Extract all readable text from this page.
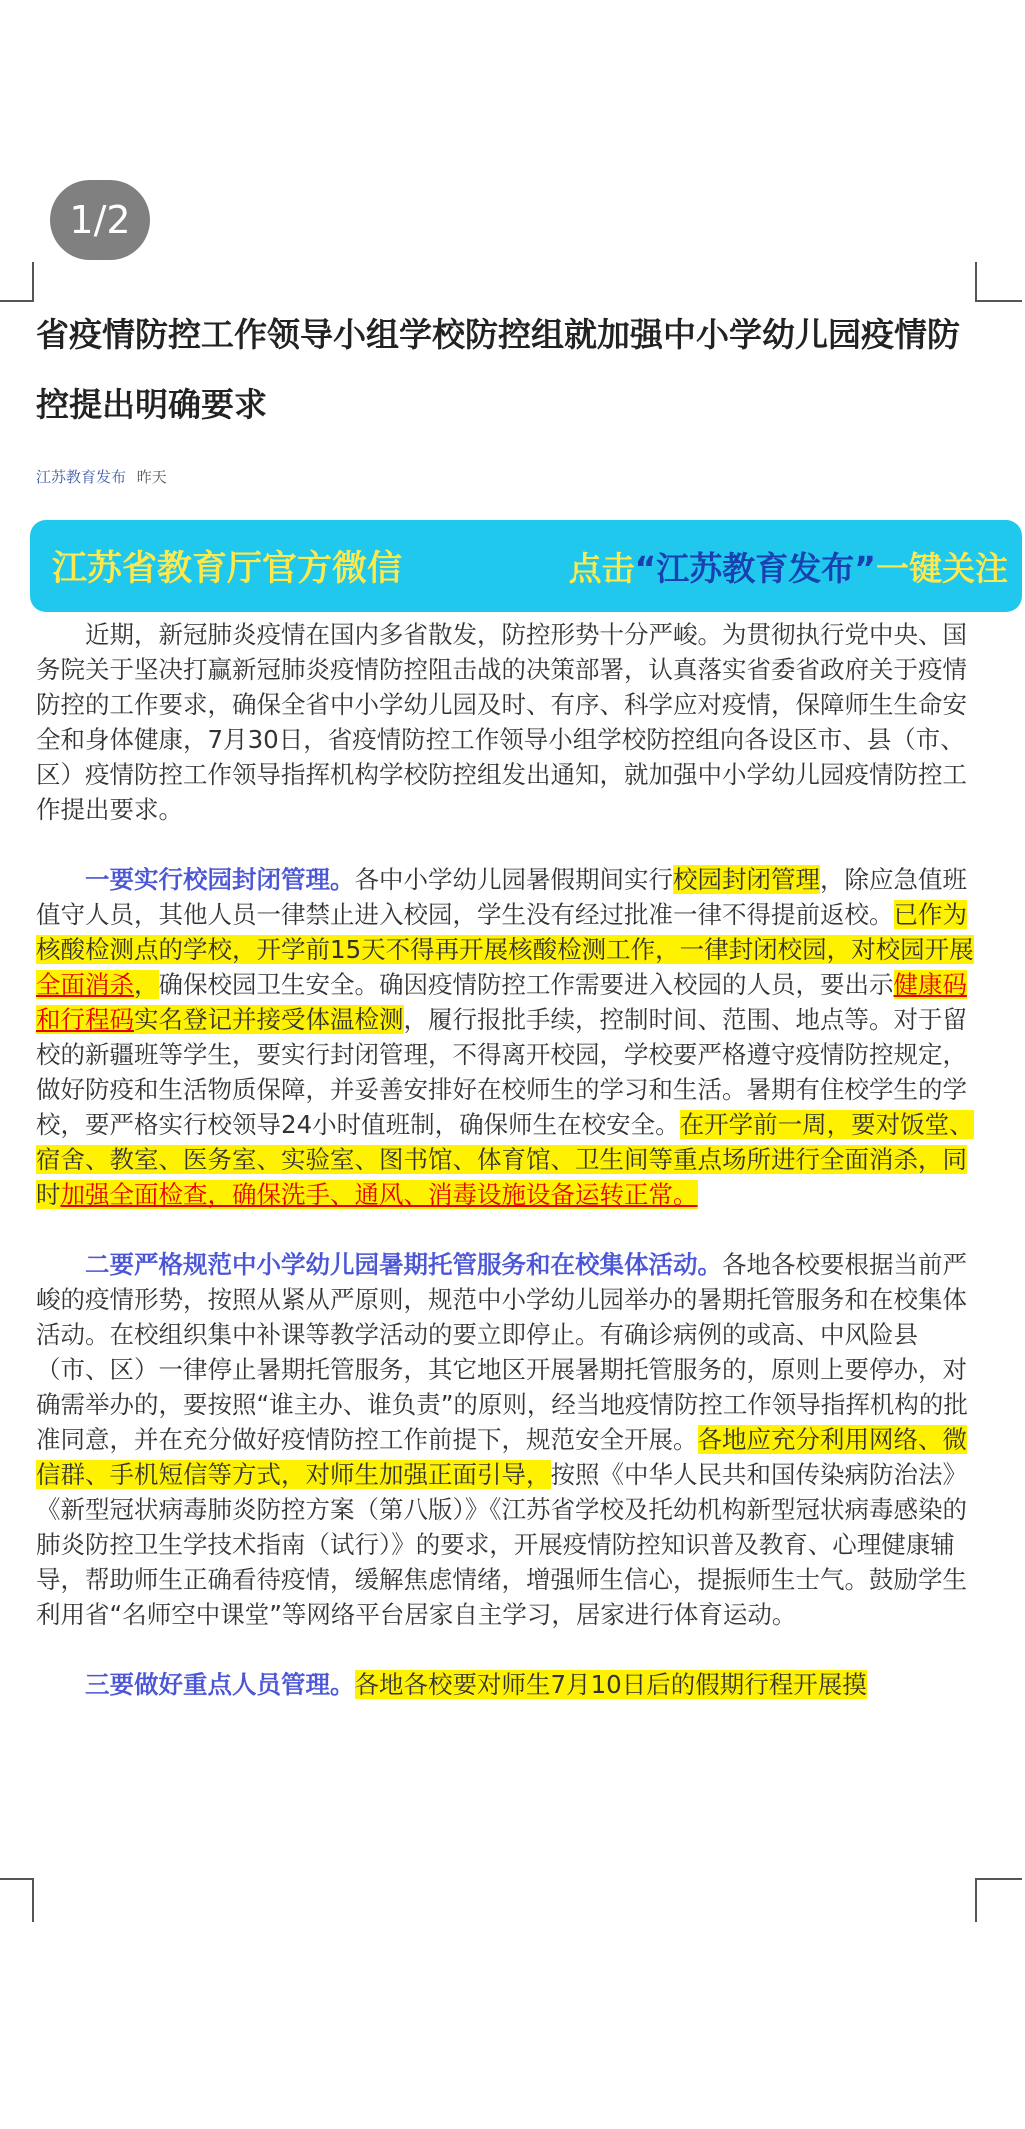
1/2
省疫情防控工作领导小组学校防控组就加强中小学幼儿园疫情防控提出明确要求
江苏教育发布 昨天
江苏省教育厅官方微信	点击“江苏教育发布”一键关注

近期，新冠肺炎疫情在国内多省散发，防控形势十分严峻。为贯彻执行党中央、国务院关于坚决打赢新冠肺炎疫情防控阻击战的决策部署，认真落实省委省政府关于疫情防控的工作要求，确保全省中小学幼儿园及时、有序、科学应对疫情，保障师生生命安全和身体健康，7月30日，省疫情防控工作领导小组学校防控组向各设区市、县（市、区）疫情防控工作领导指挥机构学校防控组发出通知，就加强中小学幼儿园疫情防控工作提出要求。

一要实行校园封闭管理。各中小学幼儿园暑假期间实行校园封闭管理，除应急值班值守人员，其他人员一律禁止进入校园，学生没有经过批准一律不得提前返校。已作为核酸检测点的学校，开学前15天不得再开展核酸检测工作，一律封闭校园，对校园开展全面消杀，确保校园卫生安全。确因疫情防控工作需要进入校园的人员，要出示健康码和行程码实名登记并接受体温检测，履行报批手续，控制时间、范围、地点等。对于留校的新疆班等学生，要实行封闭管理，不得离开校园，学校要严格遵守疫情防控规定，做好防疫和生活物质保障，并妥善安排好在校师生的学习和生活。暑期有住校学生的学校，要严格实行校领导24小时值班制，确保师生在校安全。在开学前一周，要对饭堂、宿舍、教室、医务室、实验室、图书馆、体育馆、卫生间等重点场所进行全面消杀，同时加强全面检查，确保洗手、通风、消毒设施设备运转正常。

二要严格规范中小学幼儿园暑期托管服务和在校集体活动。各地各校要根据当前严峻的疫情形势，按照从紧从严原则，规范中小学幼儿园举办的暑期托管服务和在校集体活动。在校组织集中补课等教学活动的要立即停止。有确诊病例的或高、中风险县（市、区）一律停止暑期托管服务，其它地区开展暑期托管服务的，原则上要停办，对确需举办的，要按照“谁主办、谁负责”的原则，经当地疫情防控工作领导指挥机构的批准同意，并在充分做好疫情防控工作前提下，规范安全开展。各地应充分利用网络、微信群、手机短信等方式，对师生加强正面引导，按照《中华人民共和国传染病防治法》《新型冠状病毒肺炎防控方案（第八版）》《江苏省学校及托幼机构新型冠状病毒感染的肺炎防控卫生学技术指南（试行）》的要求，开展疫情防控知识普及教育、心理健康辅导，帮助师生正确看待疫情，缓解焦虑情绪，增强师生信心，提振师生士气。鼓励学生利用省“名师空中课堂”等网络平台居家自主学习，居家进行体育运动。

三要做好重点人员管理。各地各校要对师生7月10日后的假期行程开展摸
